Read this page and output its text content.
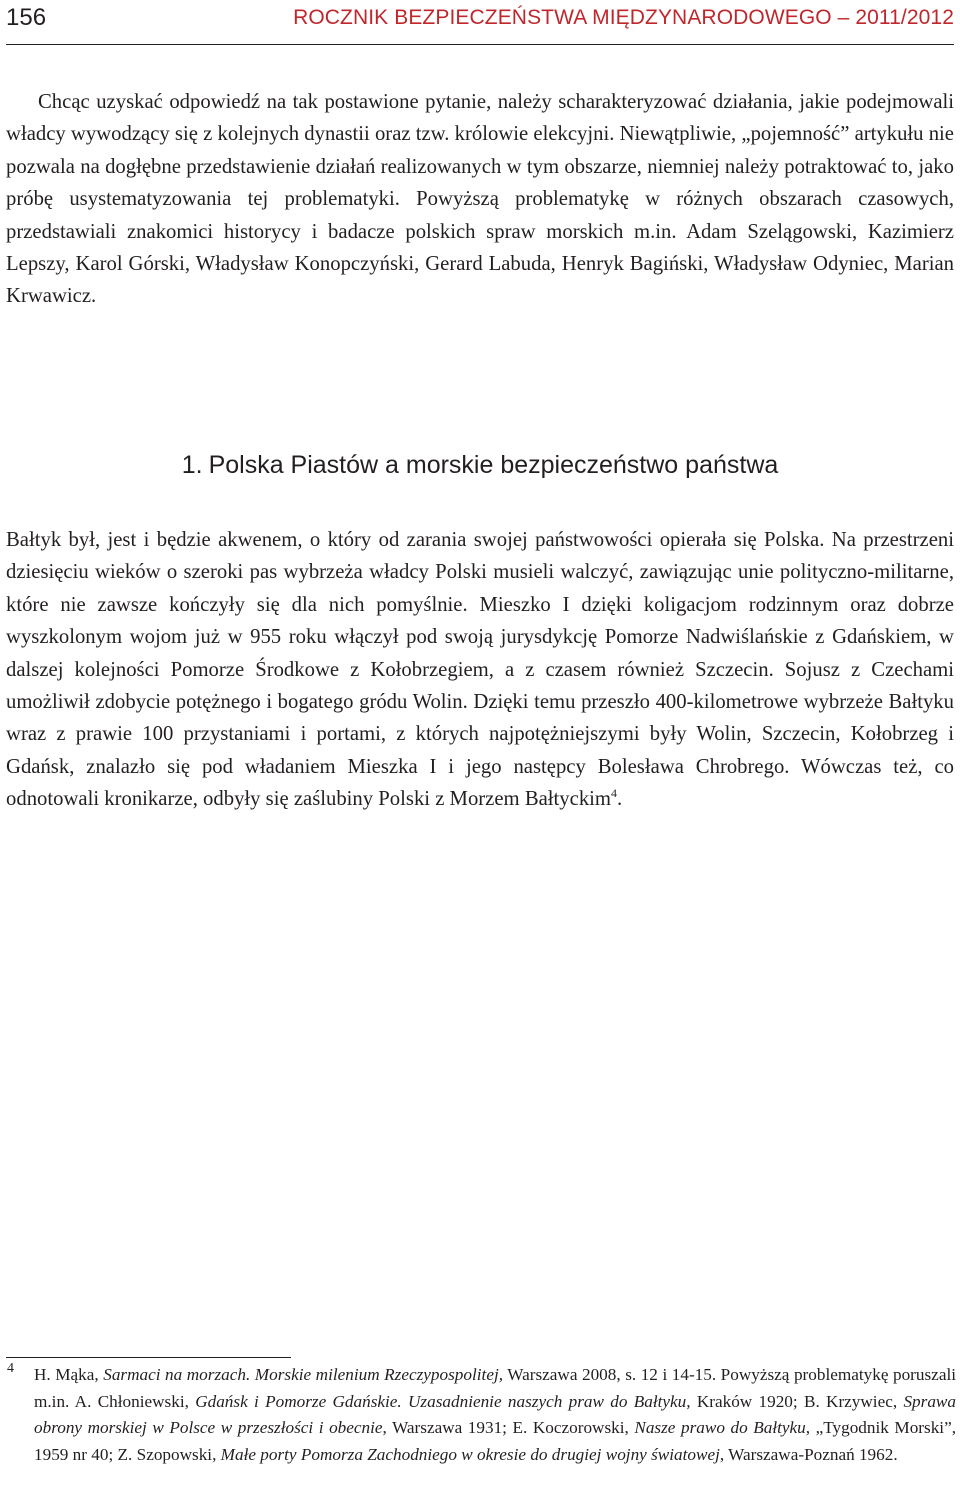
156	ROCZNIK BEZPIECZEŃSTWA MIĘDZYNARODOWEGO – 2011/2012

Chcąc uzyskać odpowiedź na tak postawione pytanie, należy scharakteryzować działania, jakie podejmowali władcy wywodzący się z kolejnych dynastii oraz tzw. królowie elekcyjni. Niewątpliwie, „pojemność” artykułu nie pozwala na dogłębne przedstawienie działań realizowanych w tym obszarze, niemniej należy potraktować to, jako próbę usystematyzowania tej problematyki. Powyższą problematykę w różnych obszarach czasowych, przedstawiali znakomici historycy i badacze polskich spraw morskich m.in. Adam Szelągowski, Kazimierz Lepszy, Karol Górski, Władysław Konopczyński, Gerard Labuda, Henryk Bagiński, Władysław Odyniec, Marian Krwawicz.

1. Polska Piastów a morskie bezpieczeństwo państwa

Bałtyk był, jest i będzie akwenem, o który od zarania swojej państwowości opierała się Polska. Na przestrzeni dziesięciu wieków o szeroki pas wybrzeża władcy Polski musieli walczyć, zawiązując unie polityczno-militarne, które nie zawsze kończyły się dla nich pomyślnie. Mieszko I dzięki koligacjom rodzinnym oraz dobrze wyszkolonym wojom już w 955 roku włączył pod swoją jurysdykcję Pomorze Nadwiślańskie z Gdańskiem, w dalszej kolejności Pomorze Środkowe z Kołobrzegiem, a z czasem również Szczecin. Sojusz z Czechami umożliwił zdobycie potężnego i bogatego gródu Wolin. Dzięki temu przeszło 400-kilometrowe wybrzeże Bałtyku wraz z prawie 100 przystaniami i portami, z których najpotężniejszymi były Wolin, Szczecin, Kołobrzeg i Gdańsk, znalazło się pod władaniem Mieszka I i jego następcy Bolesława Chrobrego. Wówczas też, co odnotowali kronikarze, odbyły się zaślubiny Polski z Morzem Bałtyckim$^4$.

4 H. Mąka, Sarmaci na morzach. Morskie milenium Rzeczypospolitej, Warszawa 2008, s. 12 i 14-15. Powyższą problematykę poruszali m.in. A. Chłoniewski, Gdańsk i Pomorze Gdańskie. Uzasadnienie naszych praw do Bałtyku, Kraków 1920; B. Krzywiec, Sprawa obrony morskiej w Polsce w przeszłości i obecnie, Warszawa 1931; E. Koczorowski, Nasze prawo do Bałtyku, „Tygodnik Morski”, 1959 nr 40; Z. Szopowski, Małe porty Pomorza Zachodniego w okresie do drugiej wojny światowej, Warszawa-Poznań 1962.
